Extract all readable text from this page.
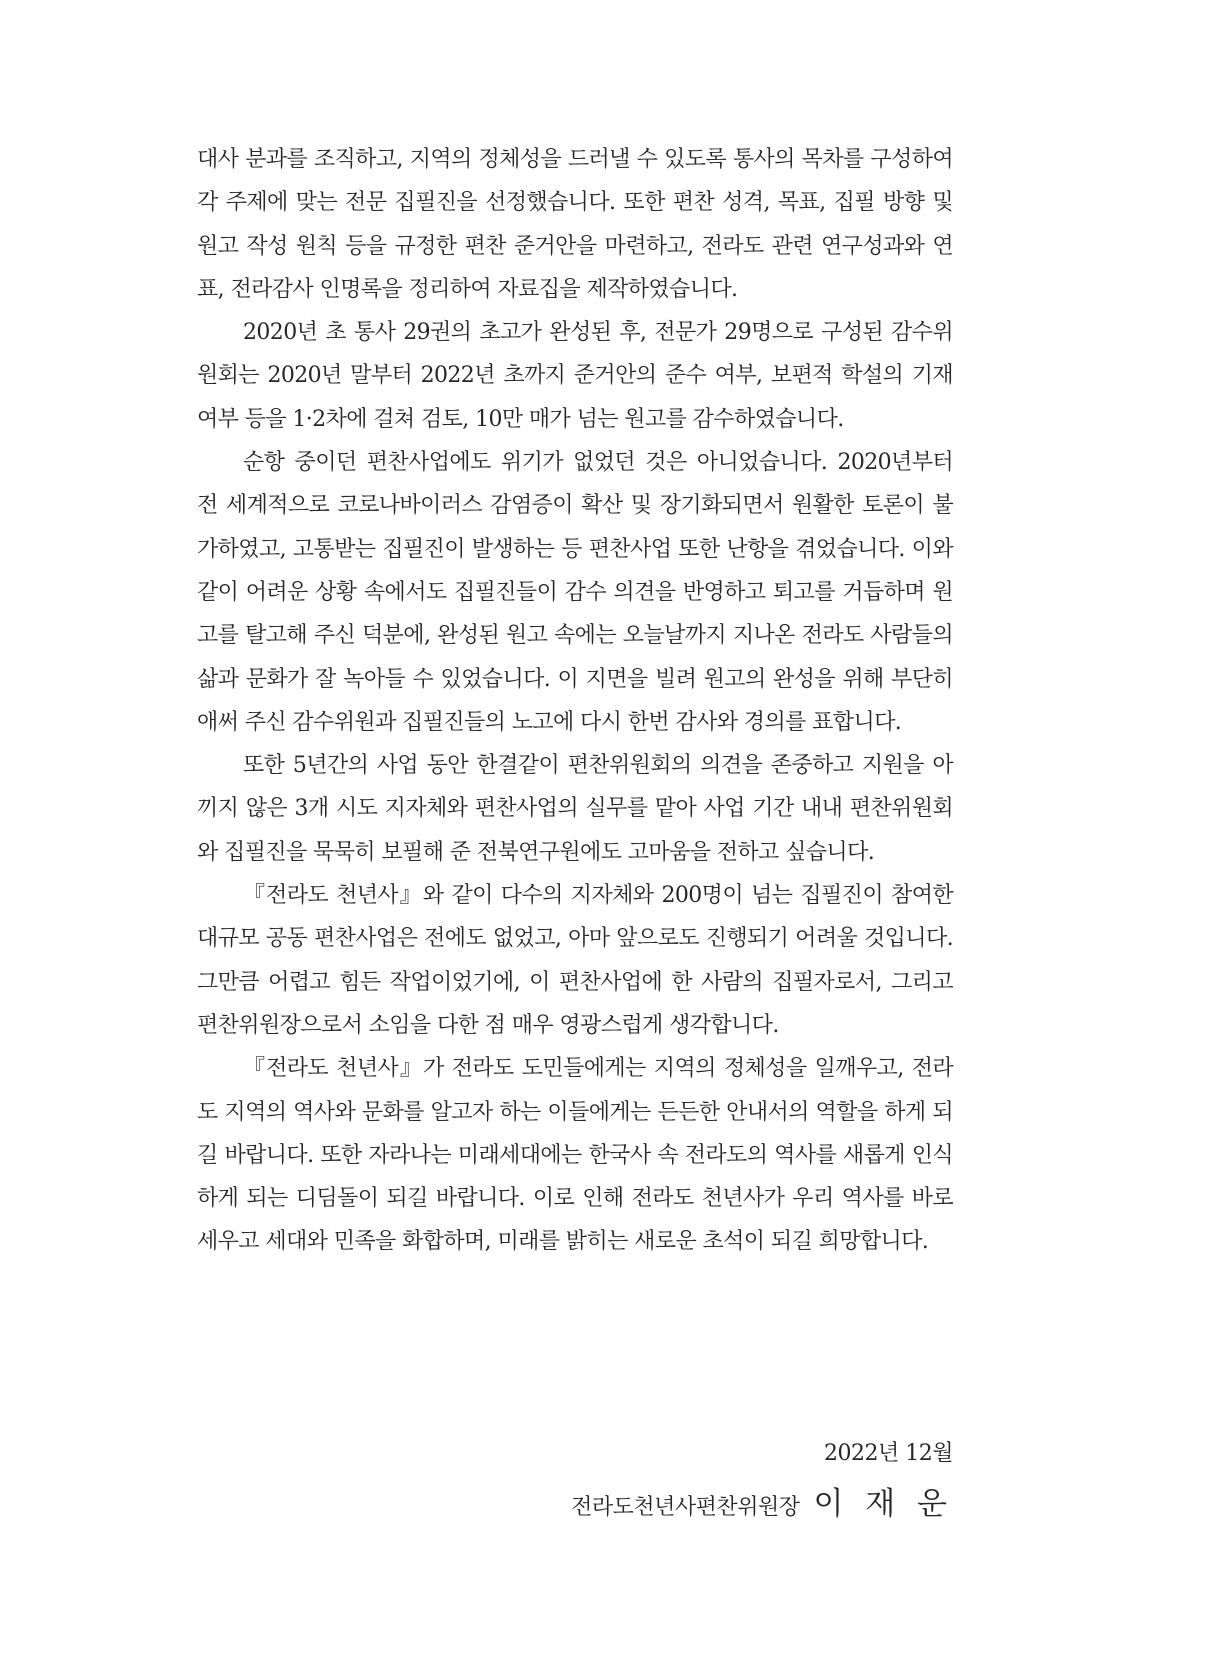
대사 분과를 조직하고, 지역의 정체성을 드러낼 수 있도록 통사의 목차를 구성하여 각 주제에 맞는 전문 집필진을 선정했습니다. 또한 편찬 성격, 목표, 집필 방향 및 원고 작성 원칙 등을 규정한 편찬 준거안을 마련하고, 전라도 관련 연구성과와 연표, 전라감사 인명록을 정리하여 자료집을 제작하였습니다.

2020년 초 통사 29권의 초고가 완성된 후, 전문가 29명으로 구성된 감수위원회는 2020년 말부터 2022년 초까지 준거안의 준수 여부, 보편적 학설의 기재 여부 등을 1·2차에 걸쳐 검토, 10만 매가 넘는 원고를 감수하였습니다.

순항 중이던 편찬사업에도 위기가 없었던 것은 아니었습니다. 2020년부터 전 세계적으로 코로나바이러스 감염증이 확산 및 장기화되면서 원활한 토론이 불가하였고, 고통받는 집필진이 발생하는 등 편찬사업 또한 난항을 겪었습니다. 이와 같이 어려운 상황 속에서도 집필진들이 감수 의견을 반영하고 퇴고를 거듭하며 원고를 탈고해 주신 덕분에, 완성된 원고 속에는 오늘날까지 지나온 전라도 사람들의 삶과 문화가 잘 녹아들 수 있었습니다. 이 지면을 빌려 원고의 완성을 위해 부단히 애써 주신 감수위원과 집필진들의 노고에 다시 한번 감사와 경의를 표합니다.

또한 5년간의 사업 동안 한결같이 편찬위원회의 의견을 존중하고 지원을 아끼지 않은 3개 시도 지자체와 편찬사업의 실무를 맡아 사업 기간 내내 편찬위원회와 집필진을 묵묵히 보필해 준 전북연구원에도 고마움을 전하고 싶습니다.

『전라도 천년사』와 같이 다수의 지자체와 200명이 넘는 집필진이 참여한 대규모 공동 편찬사업은 전에도 없었고, 아마 앞으로도 진행되기 어려울 것입니다. 그만큼 어렵고 힘든 작업이었기에, 이 편찬사업에 한 사람의 집필자로서, 그리고 편찬위원장으로서 소임을 다한 점 매우 영광스럽게 생각합니다.

『전라도 천년사』가 전라도 도민들에게는 지역의 정체성을 일깨우고, 전라도 지역의 역사와 문화를 알고자 하는 이들에게는 든든한 안내서의 역할을 하게 되길 바랍니다. 또한 자라나는 미래세대에는 한국사 속 전라도의 역사를 새롭게 인식하게 되는 디딤돌이 되길 바랍니다. 이로 인해 전라도 천년사가 우리 역사를 바로 세우고 세대와 민족을 화합하며, 미래를 밝히는 새로운 초석이 되길 희망합니다.

2022년 12월
전라도천년사편찬위원장 이 재 운
